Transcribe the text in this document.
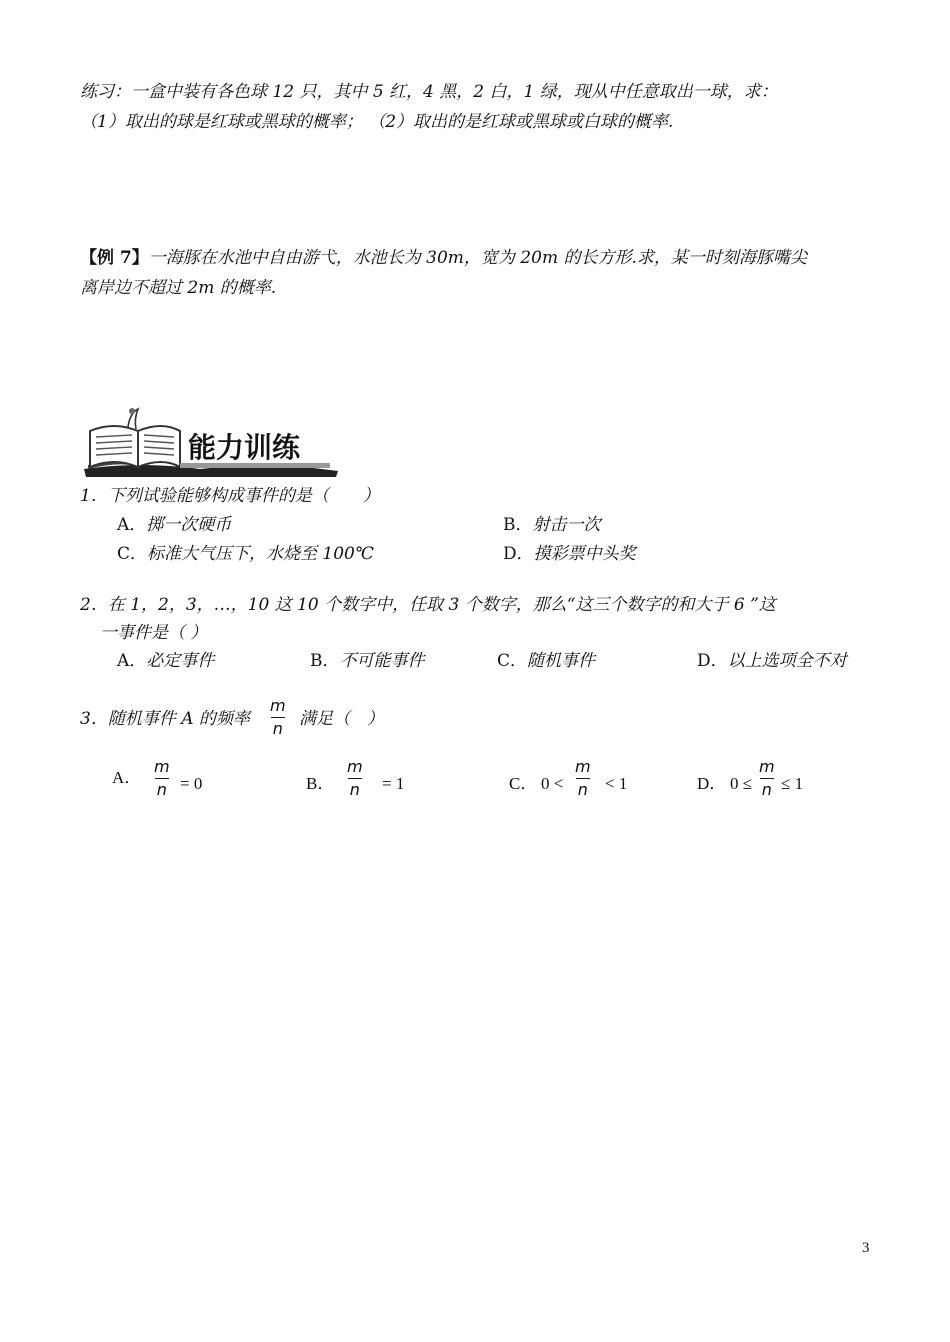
练习：一盒中装有各色球 12 只，其中 5 红，4 黑，2 白，1 绿，现从中任意取出一球，求：
（1）取出的球是红球或黑球的概率； （2）取出的是红球或黑球或白球的概率.
【例 7】一海豚在水池中自由游弋，水池长为 30m，宽为 20m 的长方形.求，某一时刻海豚嘴尖
离岸边不超过 2m 的概率.
能力训练
1．下列试验能够构成事件的是（　　）
A．掷一次硬币	B．射击一次
C．标准大气压下，水烧至 100℃	D．摸彩票中头奖
2．在 1，2，3，…，10 这 10 个数字中，任取 3 个数字，那么“这三个数字的和大于 6 ”这
一事件是（ ）
A．必定事件	B．不可能事件	C．随机事件	D．以上选项全不对
3．随机事件 A 的频率
m
n 满足（　）
A．
m
n = 0	B．
m
n = 1	C． 0 <
m
n < 1	D． 0 ≤
m
n ≤ 1
3
